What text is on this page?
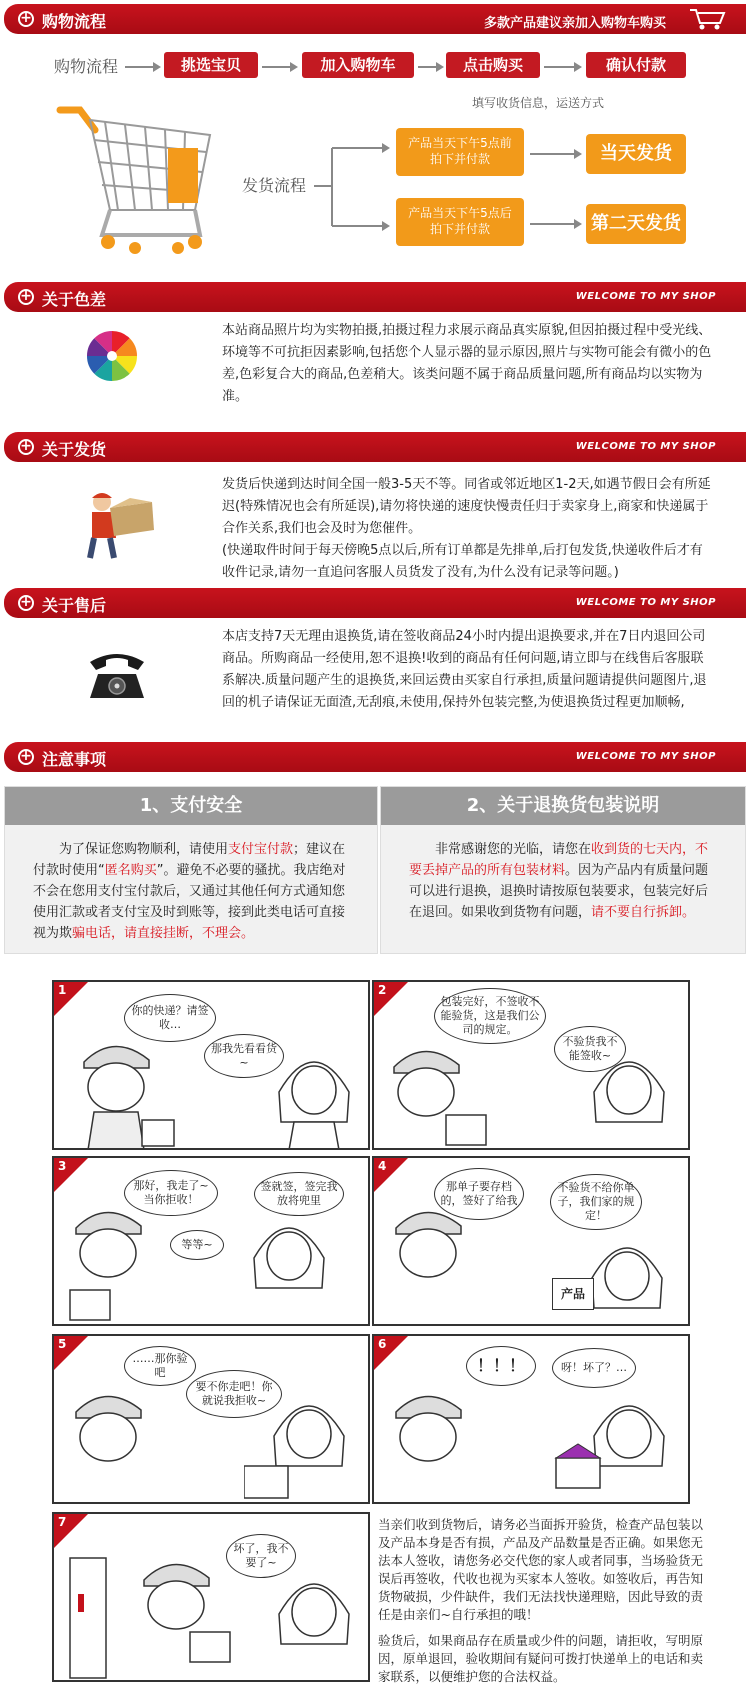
+ 购物流程	多款产品建议亲加入购物车购买
购物流程	挑选宝贝	加入购物车	点击购买	确认付款
填写收货信息，运送方式
发货流程
产品当天下午5点前
拍下并付款	当天发货
产品当天下午5点后
拍下并付款	第二天发货
+ 关于色差	WELCOME TO MY SHOP
本站商品照片均为实物拍摄,拍摄过程力求展示商品真实原貌,但因拍摄过程中受光线、环境等不可抗拒因素影响,包括您个人显示器的显示原因,照片与实物可能会有微小的色差,色彩复合大的商品,色差稍大。该类问题不属于商品质量问题,所有商品均以实物为准。
+ 关于发货	WELCOME TO MY SHOP
发货后快递到达时间全国一般3-5天不等。同省或邻近地区1-2天,如遇节假日会有所延迟(特殊情况也会有所延误),请勿将快递的速度快慢责任归于卖家身上,商家和快递属于合作关系,我们也会及时为您催件。
(快递取件时间于每天傍晚5点以后,所有订单都是先排单,后打包发货,快递收件后才有收件记录,请勿一直追问客服人员货发了没有,为什么没有记录等问题。)
+ 关于售后	WELCOME TO MY SHOP
本店支持7天无理由退换货,请在签收商品24小时内提出退换要求,并在7日内退回公司商品。所购商品一经使用,恕不退换!收到的商品有任何问题,请立即与在线售后客服联系解决.质量问题产生的退换货,来回运费由买家自行承担,质量问题请提供问题图片,退回的机子请保证无面渣,无刮痕,未使用,保持外包装完整,为使退换货过程更加顺畅,
+ 注意事项	WELCOME TO MY SHOP
1、支付安全
为了保证您购物顺利，请使用支付宝付款；建议在付款时使用“匿名购买”。避免不必要的骚扰。我店绝对不会在您用支付宝付款后，又通过其他任何方式通知您使用汇款或者支付宝及时到账等，接到此类电话可直接视为欺骗电话，请直接挂断，不理会。
2、关于退换货包装说明
非常感谢您的光临，请您在收到货的七天内，不要丢掉产品的所有包装材料。因为产品内有质量问题可以进行退换，退换时请按原包装要求，包装完好后在退回。如果收到货物有问题，请不要自行拆卸。
1
你的快递？请签收…
那我先看看货~
2
包装完好，不签收不能验货，这是我们公司的规定。
不验货我不能签收~
3
那好，我走了~当你拒收！
签就签，签完我放将兜里
等等~
4
产品
那单子要存档的，签好了给我
不验货不给你单子，我们家的规定！
5
……那你验吧
要不你走吧！你就说我拒收~
6
！！！	呀！坏了？…
7
坏了，我不要了~

当亲们收到货物后，请务必当面拆开验货，检查产品包装以及产品本身是否有损，产品及产品数量是否正确。如果您无法本人签收，请您务必交代您的家人或者同事，当场验货无误后再签收，代收也视为买家本人签收。如签收后，再告知货物破损，少件缺件，我们无法找快递理赔，因此导致的责任是由亲们~自行承担的哦！

验货后，如果商品存在质量或少件的问题，请拒收，写明原因，原单退回，验收期间有疑问可拨打快递单上的电话和卖家联系，以便维护您的合法权益。
